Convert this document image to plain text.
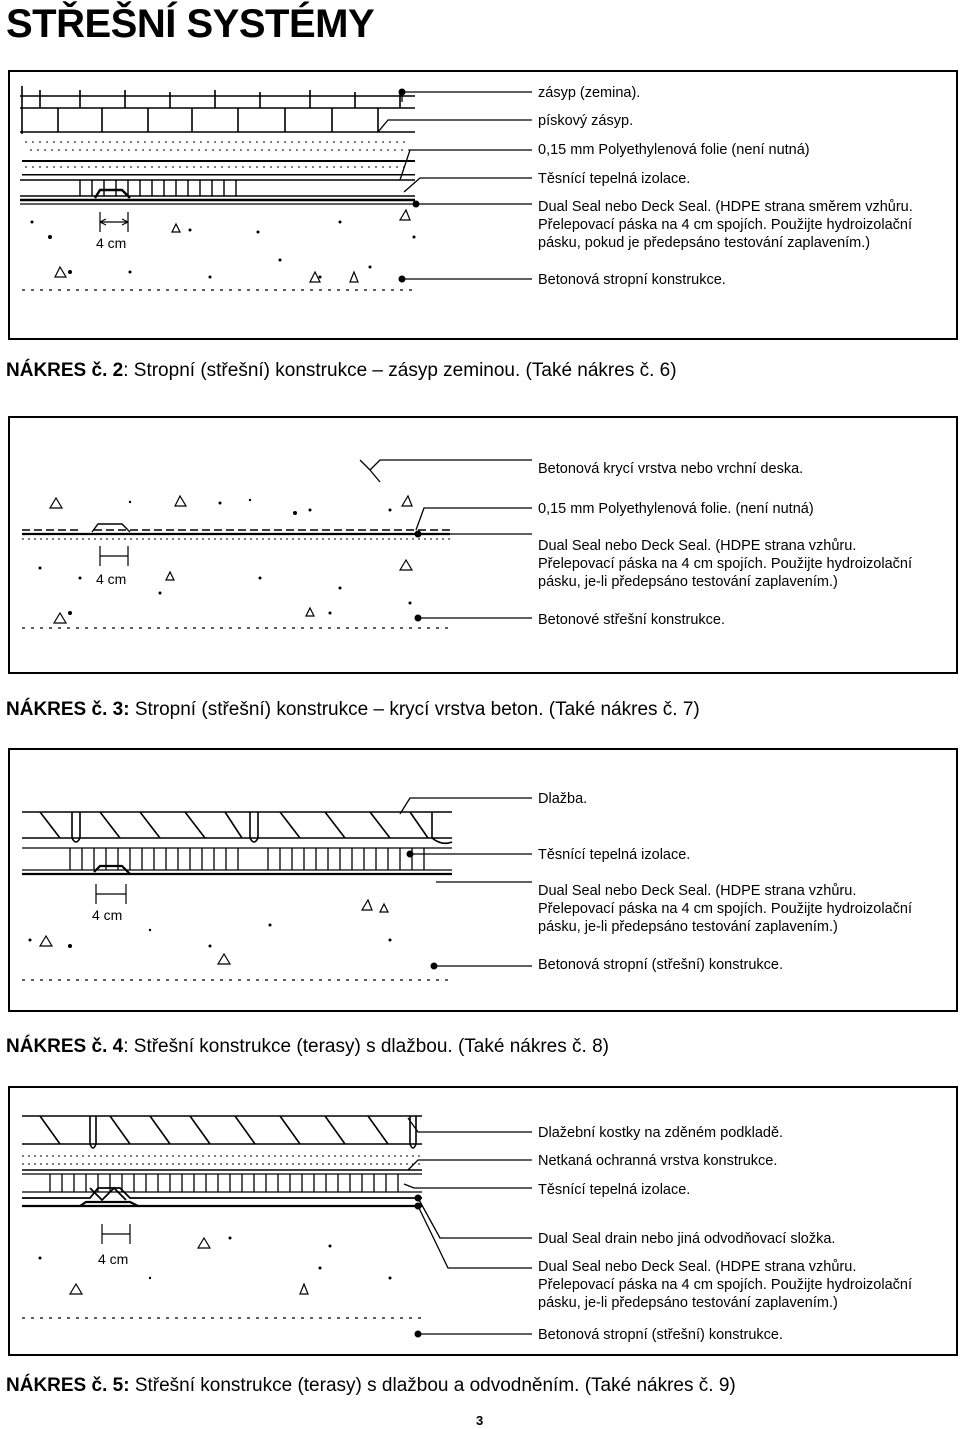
STŘEŠNÍ SYSTÉMY
4 cm
zásyp (zemina).
pískový zásyp.
0,15 mm Polyethylenová folie (není nutná)
Těsnící tepelná izolace.
Dual Seal nebo Deck Seal. (HDPE strana směrem vzhůru.
Přelepovací páska na 4 cm spojích. Použijte hydroizolační
pásku, pokud je předepsáno testování zaplavením.)
Betonová stropní konstrukce.
NÁKRES č. 2: Stropní (střešní) konstrukce – zásyp zeminou. (Také nákres č. 6)
4 cm
Betonová krycí vrstva nebo vrchní deska.
0,15 mm Polyethylenová folie. (není nutná)
Dual Seal nebo Deck Seal. (HDPE strana vzhůru.
Přelepovací páska na 4 cm spojích. Použijte hydroizolační
pásku, je-li předepsáno testování zaplavením.)
Betonové střešní konstrukce.
NÁKRES č. 3: Stropní (střešní) konstrukce – krycí vrstva beton. (Také nákres č. 7)
4 cm
Dlažba.
Těsnící tepelná izolace.
Dual Seal nebo Deck Seal. (HDPE strana vzhůru.
Přelepovací páska na 4 cm spojích. Použijte hydroizolační
pásku, je-li předepsáno testování zaplavením.)
Betonová stropní (střešní) konstrukce.
NÁKRES č. 4: Střešní konstrukce (terasy) s dlažbou. (Také nákres č. 8)
4 cm
Dlažební kostky na zděném podkladě.
Netkaná ochranná vrstva konstrukce.
Těsnící tepelná izolace.
Dual Seal drain nebo jiná odvodňovací složka.
Dual Seal nebo Deck Seal. (HDPE strana vzhůru.
Přelepovací páska na 4 cm spojích. Použijte hydroizolační
pásku, je-li předepsáno testování zaplavením.)
Betonová stropní (střešní) konstrukce.
NÁKRES č. 5: Střešní konstrukce (terasy) s dlažbou a odvodněním. (Také nákres č. 9)
3
